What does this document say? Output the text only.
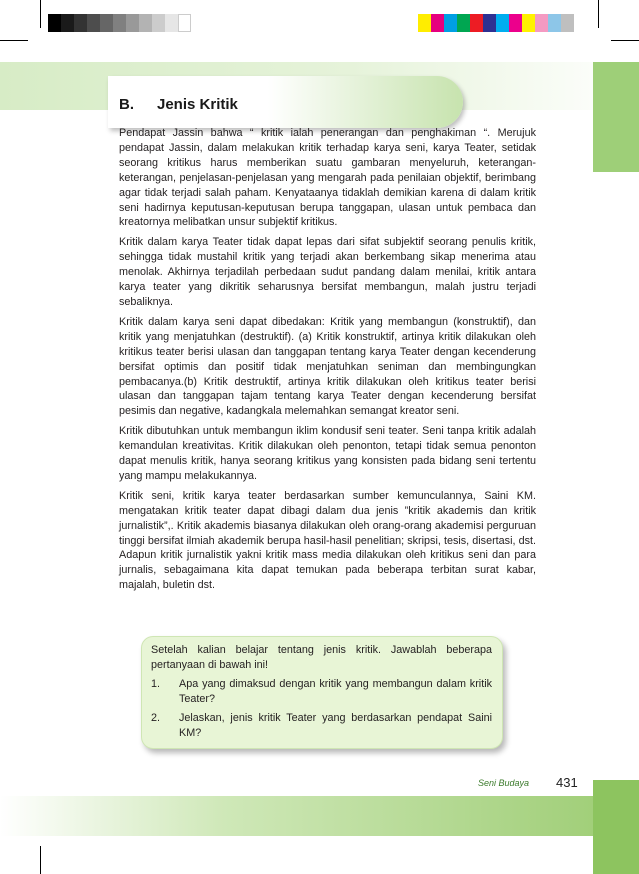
B. Jenis Kritik

Pendapat Jassin bahwa “ kritik ialah penerangan dan penghakiman “. Merujuk pendapat Jassin, dalam melakukan kritik terhadap karya seni, karya Teater, setidak seorang kritikus harus memberikan suatu gambaran menyeluruh, keterangan-keterangan, penjelasan-penjelasan yang mengarah pada penilaian objektif, berimbang agar tidak terjadi salah paham. Kenyataanya tidaklah demikian karena di dalam kritik seni hadirnya keputusan-keputusan berupa tanggapan, ulasan untuk pembaca dan kreatornya melibatkan unsur subjektif kritikus.

Kritik dalam karya Teater tidak dapat lepas dari sifat subjektif seorang penulis kritik, sehingga tidak mustahil kritik yang terjadi akan berkembang sikap menerima atau menolak. Akhirnya terjadilah perbedaan sudut pandang dalam menilai, kritik antara karya teater yang dikritik seharusnya bersifat membangun, malah justru terjadi sebaliknya.

Kritik dalam karya seni dapat dibedakan: Kritik yang membangun (konstruktif), dan kritik yang menjatuhkan (destruktif). (a) Kritik konstruktif, artinya kritik dilakukan oleh kritikus teater berisi ulasan dan tanggapan tentang karya Teater dengan kecenderung bersifat optimis dan positif tidak menjatuhkan seniman dan membingungkan pembacanya.(b) Kritik destruktif, artinya kritik dilakukan oleh kritikus teater berisi ulasan dan tanggapan tajam tentang karya Teater dengan kecenderung bersifat pesimis dan negative, kadangkala melemahkan semangat kreator seni.

Kritik dibutuhkan untuk membangun iklim kondusif seni teater. Seni tanpa kritik adalah kemandulan kreativitas. Kritik dilakukan oleh penonton, tetapi tidak semua penonton dapat menulis kritik, hanya seorang kritikus yang konsisten pada bidang seni tertentu yang mampu melakukannya.

Kritik seni, kritik karya teater berdasarkan sumber kemunculannya, Saini KM. mengatakan kritik teater dapat dibagi dalam dua jenis ”kritik akademis dan kritik jurnalistik”,. Kritik akademis biasanya dilakukan oleh orang-orang akademisi perguruan tinggi bersifat ilmiah akademik berupa hasil-hasil penelitian; skripsi, tesis, disertasi, dst. Adapun kritik jurnalistik yakni kritik mass media dilakukan oleh kritikus seni dan para jurnalis, sebagaimana kita dapat temukan pada beberapa terbitan surat kabar, majalah, buletin dst.

Setelah kalian belajar tentang jenis kritik. Jawablah beberapa pertanyaan di bawah ini!

1.	Apa yang dimaksud dengan kritik yang membangun dalam kritik Teater?
2.	Jelaskan, jenis kritik Teater yang berdasarkan pendapat Saini KM?
Seni Budaya 431
